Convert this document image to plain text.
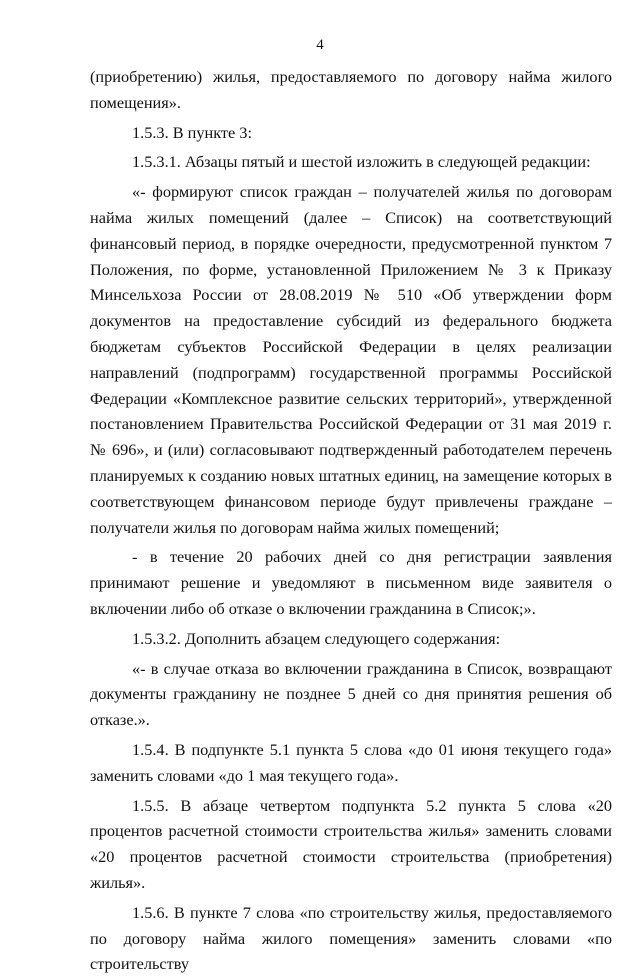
4

(приобретению) жилья, предоставляемого по договору найма жилого помещения».

1.5.3. В пункте 3:

1.5.3.1. Абзацы пятый и шестой изложить в следующей редакции:

«- формируют список граждан – получателей жилья по договорам найма жилых помещений (далее – Список) на соответствующий финансовый период, в порядке очередности, предусмотренной пунктом 7 Положения, по форме, установленной Приложением № 3 к Приказу Минсельхоза России от 28.08.2019 № 510 «Об утверждении форм документов на предоставление субсидий из федерального бюджета бюджетам субъектов Российской Федерации в целях реализации направлений (подпрограмм) государственной программы Российской Федерации «Комплексное развитие сельских территорий», утвержденной постановлением Правительства Российской Федерации от 31 мая 2019 г. № 696», и (или) согласовывают подтвержденный работодателем перечень планируемых к созданию новых штатных единиц, на замещение которых в соответствующем финансовом периоде будут привлечены граждане – получатели жилья по договорам найма жилых помещений;

- в течение 20 рабочих дней со дня регистрации заявления принимают решение и уведомляют в письменном виде заявителя о включении либо об отказе о включении гражданина в Список;».

1.5.3.2. Дополнить абзацем следующего содержания:

«- в случае отказа во включении гражданина в Список, возвращают документы гражданину не позднее 5 дней со дня принятия решения об отказе.».

1.5.4. В подпункте 5.1 пункта 5 слова «до 01 июня текущего года» заменить словами «до 1 мая текущего года».

1.5.5. В абзаце четвертом подпункта 5.2 пункта 5 слова «20 процентов расчетной стоимости строительства жилья» заменить словами «20 процентов расчетной стоимости строительства (приобретения) жилья».

1.5.6. В пункте 7 слова «по строительству жилья, предоставляемого по договору найма жилого помещения» заменить словами «по строительству
